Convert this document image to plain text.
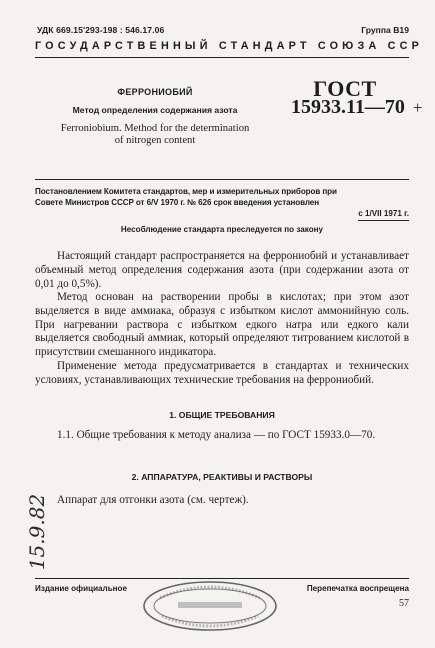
УДК 669.15'293-198 : 546.17.06	Группа В19
ГОСУДАРСТВЕННЫЙ СТАНДАРТ СОЮЗА ССР
ФЕРРОНИОБИЙ
Метод определения содержания азота
Ferroniobium. Method for the determination
of nitrogen content
ГОСТ
15933.11—70 +
Постановлением Комитета стандартов, мер и измерительных приборов при
Совете Министров СССР от 6/V 1970 г. № 626 срок введения установлен
с 1/VII 1971 г.
Несоблюдение стандарта преследуется по закону
Настоящий стандарт распространяется на феррониобий и устанавливает объемный метод определения содержания азота (при содержании азота от 0,01 до 0,5%).
Метод основан на растворении пробы в кислотах; при этом азот выделяется в виде аммиака, образуя с избытком кислот аммонийную соль. При нагревании раствора с избытком едкого натра или едкого кали выделяется свободный аммиак, который определяют титрованием кислотой в присутствии смешанного индикатора.
Применение метода предусматривается в стандартах и технических условиях, устанавливающих технические требования на феррониобий.
1. ОБЩИЕ ТРЕБОВАНИЯ
1.1. Общие требования к методу анализа — по ГОСТ 15933.0—70.
2. АППАРАТУРА, РЕАКТИВЫ И РАСТВОРЫ
Аппарат для отгонки азота (см. чертеж).
15.9.82
Издание официальное	Перепечатка воспрещена
57
